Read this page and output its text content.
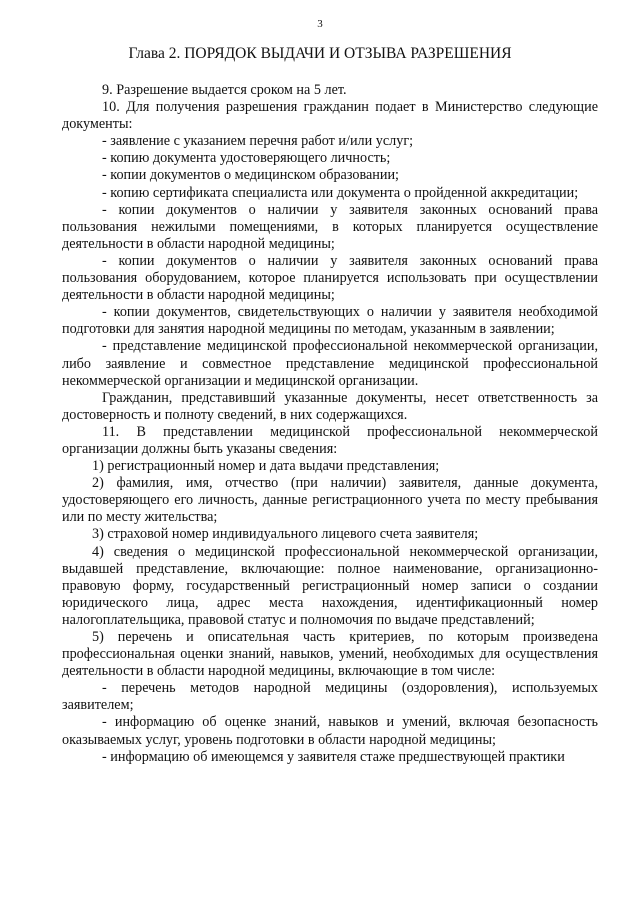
3
Глава 2. ПОРЯДОК ВЫДАЧИ И ОТЗЫВА РАЗРЕШЕНИЯ

9. Разрешение выдается сроком на 5 лет.

10. Для получения разрешения гражданин подает в Министерство следующие документы:

- заявление с указанием перечня работ и/или услуг;

- копию документа удостоверяющего личность;

- копии документов о медицинском образовании;

- копию сертификата специалиста или документа о пройденной аккредитации;

- копии документов о наличии у заявителя законных оснований права пользования нежилыми помещениями, в которых планируется осуществление деятельности в области народной медицины;

- копии документов о наличии у заявителя законных оснований права пользования оборудованием, которое планируется использовать при осуществлении деятельности в области народной медицины;

- копии документов, свидетельствующих о наличии у заявителя необходимой подготовки для занятия народной медицины по методам, указанным в заявлении;

- представление медицинской профессиональной некоммерческой организации, либо заявление и совместное представление медицинской профессиональной некоммерческой организации и медицинской организации.

Гражданин, представивший указанные документы, несет ответственность за достоверность и полноту сведений, в них содержащихся.

11. В представлении медицинской профессиональной некоммерческой организации должны быть указаны сведения:

1) регистрационный номер и дата выдачи представления;

2) фамилия, имя, отчество (при наличии) заявителя, данные документа, удостоверяющего его личность, данные регистрационного учета по месту пребывания или по месту жительства;

3) страховой номер индивидуального лицевого счета заявителя;

4) сведения о медицинской профессиональной некоммерческой организации, выдавшей представление, включающие: полное наименование, организационно-правовую форму, государственный регистрационный номер записи о создании юридического лица, адрес места нахождения, идентификационный номер налогоплательщика, правовой статус и полномочия по выдаче представлений;

5) перечень и описательная часть критериев, по которым произведена профессиональная оценки знаний, навыков, умений, необходимых для осуществления деятельности в области народной медицины, включающие в том числе:

- перечень методов народной медицины (оздоровления), используемых заявителем;

- информацию об оценке знаний, навыков и умений, включая безопасность оказываемых услуг, уровень подготовки в области народной медицины;

- информацию об имеющемся у заявителя стаже предшествующей практики
